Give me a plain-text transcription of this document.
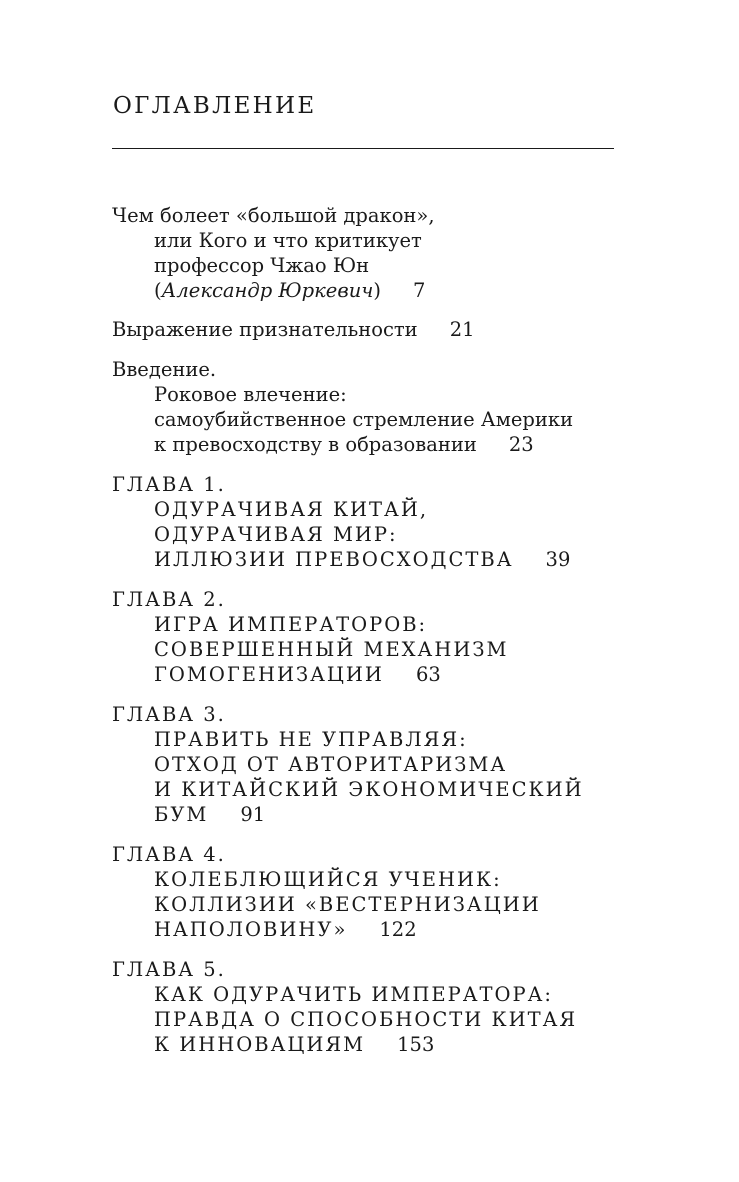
ОГЛАВЛЕНИЕ
Чем болеет «большой дракон»,
или Кого и что критикует
профессор Чжао Юн
(Александр Юркевич) 7
Выражение признательности 21
Введение.
Роковое влечение:
самоубийственное стремление Америки
к превосходству в образовании 23
ГЛАВА 1.
ОДУРАЧИВАЯ КИТАЙ,
ОДУРАЧИВАЯ МИР:
ИЛЛЮЗИИ ПРЕВОСХОДСТВА 39
ГЛАВА 2.
ИГРА ИМПЕРАТОРОВ:
СОВЕРШЕННЫЙ МЕХАНИЗМ
ГОМОГЕНИЗАЦИИ 63
ГЛАВА 3.
ПРАВИТЬ НЕ УПРАВЛЯЯ:
ОТХОД ОТ АВТОРИТАРИЗМА
И КИТАЙСКИЙ ЭКОНОМИЧЕСКИЙ
БУМ 91
ГЛАВА 4.
КОЛЕБЛЮЩИЙСЯ УЧЕНИК:
КОЛЛИЗИИ «ВЕСТЕРНИЗАЦИИ
НАПОЛОВИНУ» 122
ГЛАВА 5.
КАК ОДУРАЧИТЬ ИМПЕРАТОРА:
ПРАВДА О СПОСОБНОСТИ КИТАЯ
К ИННОВАЦИЯМ 153
